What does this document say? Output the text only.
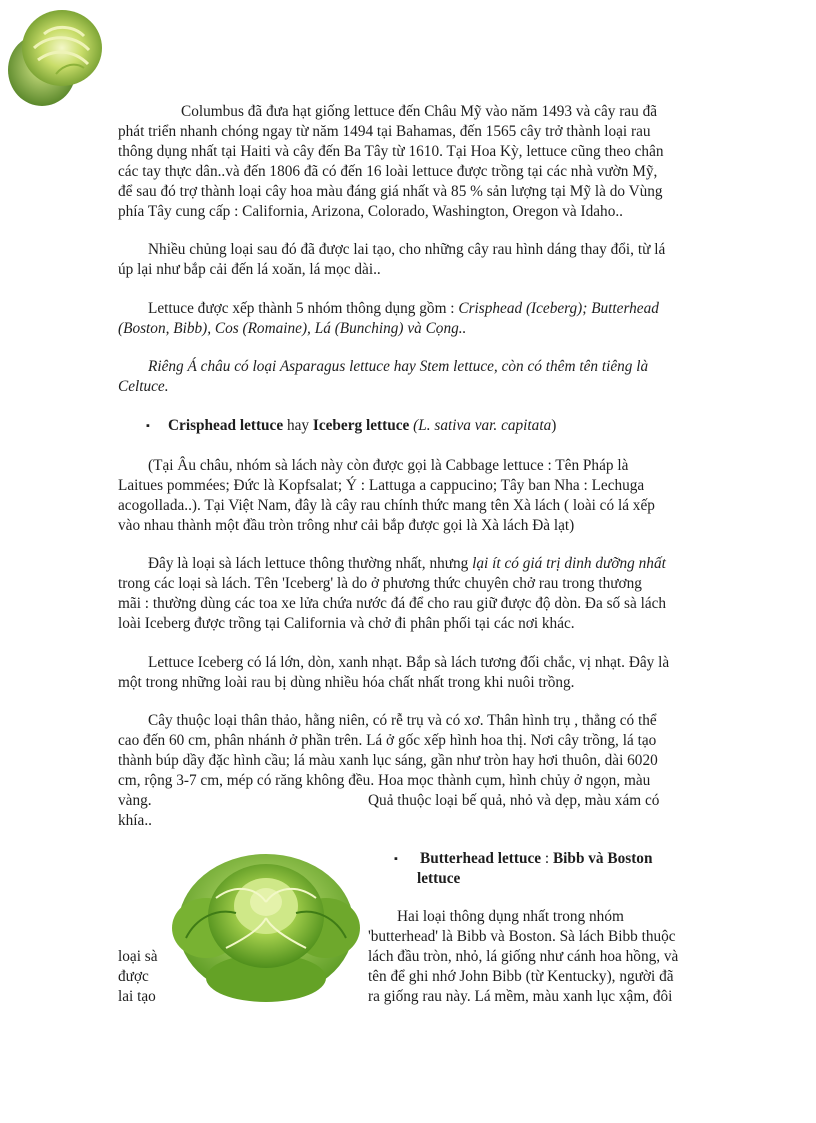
Columbus đã đưa hạt giống lettuce đến Châu Mỹ vào năm 1493 và cây rau đã
phát triển nhanh chóng ngay từ năm 1494 tại Bahamas, đến 1565 cây trở thành loại rau
thông dụng nhất tại Haiti và cây đến Ba Tây từ 1610. Tại Hoa Kỳ, lettuce cũng theo chân
các tay thực dân..và đến 1806 đã có đến 16 loài lettuce được trồng tại các nhà vườn Mỹ,
để sau đó trợ thành loại cây hoa màu đáng giá nhất và 85 % sản lượng tại Mỹ là do Vùng
phía Tây cung cấp : California, Arizona, Colorado, Washington, Oregon và Idaho..
Nhiều chủng loại sau đó đã được lai tạo, cho những cây rau hình dáng thay đổi, từ lá
úp lại như bắp cải đến lá xoăn, lá mọc dài..
Lettuce được xếp thành 5 nhóm thông dụng gồm : Crisphead (Iceberg); Butterhead
(Boston, Bibb), Cos (Romaine), Lá (Bunching) và Cọng..
Riêng Á châu có loại Asparagus lettuce hay Stem lettuce, còn có thêm tên tiêng là
Celtuce.
▪ Crisphead lettuce hay Iceberg lettuce (L. sativa var. capitata)
(Tại Âu châu, nhóm sà lách này còn được gọi là Cabbage lettuce : Tên Pháp là
Laitues pommées; Đức là Kopfsalat; Ý : Lattuga a cappucino; Tây ban Nha : Lechuga
acogollada..). Tại Việt Nam, đây là cây rau chính thức mang tên Xà lách ( loài có lá xếp
vào nhau thành một đầu tròn trông như cải bắp được gọi là Xà lách Đà lạt)
Đây là loại sà lách lettuce thông thường nhất, nhưng lại ít có giá trị dinh dưỡng nhất
trong các loại sà lách. Tên 'Iceberg' là do ở phương thức chuyên chở rau trong thương
mãi : thường dùng các toa xe lửa chứa nước đá để cho rau giữ được độ dòn. Đa số sà lách
loài Iceberg được trồng tại California và chở đi phân phối tại các nơi khác.
Lettuce Iceberg có lá lớn, dòn, xanh nhạt. Bắp sà lách tương đối chắc, vị nhạt. Đây là
một trong những loài rau bị dùng nhiều hóa chất nhất trong khi nuôi trồng.
Cây thuộc loại thân thảo, hằng niên, có rễ trụ và có xơ. Thân hình trụ , thẳng có thể
cao đến 60 cm, phân nhánh ở phần trên. Lá ở gốc xếp hình hoa thị. Nơi cây trồng, lá tạo
thành búp dầy đặc hình cầu; lá màu xanh lục sáng, gần như tròn hay hơi thuôn, dài 6020
cm, rộng 3-7 cm, mép có răng không đều. Hoa mọc thành cụm, hình chủy ở ngọn, màu
vàng.	Quả thuộc loại bế quả, nhỏ và dẹp, màu xám có
khía..
▪ Butterhead lettuce : Bibb và Boston
lettuce
Hai loại thông dụng nhất trong nhóm
'butterhead' là Bibb và Boston. Sà lách Bibb thuộc
loại sà	lách đầu tròn, nhỏ, lá giống như cánh hoa hồng, và
được	tên để ghi nhớ John Bibb (từ Kentucky), người đã
lai tạo	ra giống rau này. Lá mềm, màu xanh lục xậm, đôi
